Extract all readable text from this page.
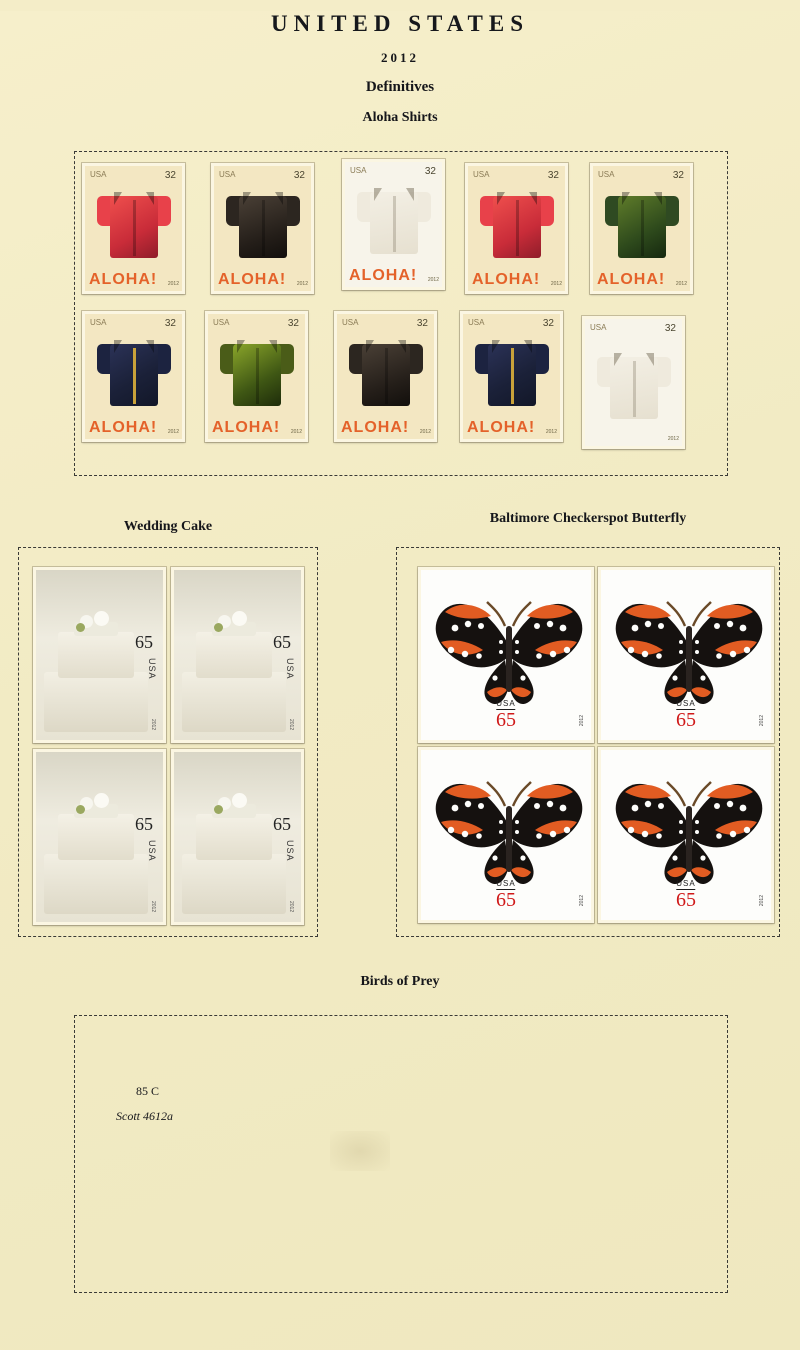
UNITED STATES
2012
Definitives
Aloha Shirts
USA	32
ALOHA! 2012
USA	32
ALOHA! 2012
USA	32
ALOHA! 2012
USA	32
ALOHA! 2012
USA	32
ALOHA! 2012
USA	32
ALOHA! 2012
USA	32
ALOHA! 2012
USA	32
ALOHA! 2012
USA	32
ALOHA! 2012
USA	32
2012
Wedding Cake
Baltimore Checkerspot Butterfly
65
USA
2012
65
USA
2012
65
USA
2012
65
USA
2012
USA
65	2012
USA
65	2012
USA
65	2012
USA
65	2012
Birds of Prey
85 C
Scott 4612a
